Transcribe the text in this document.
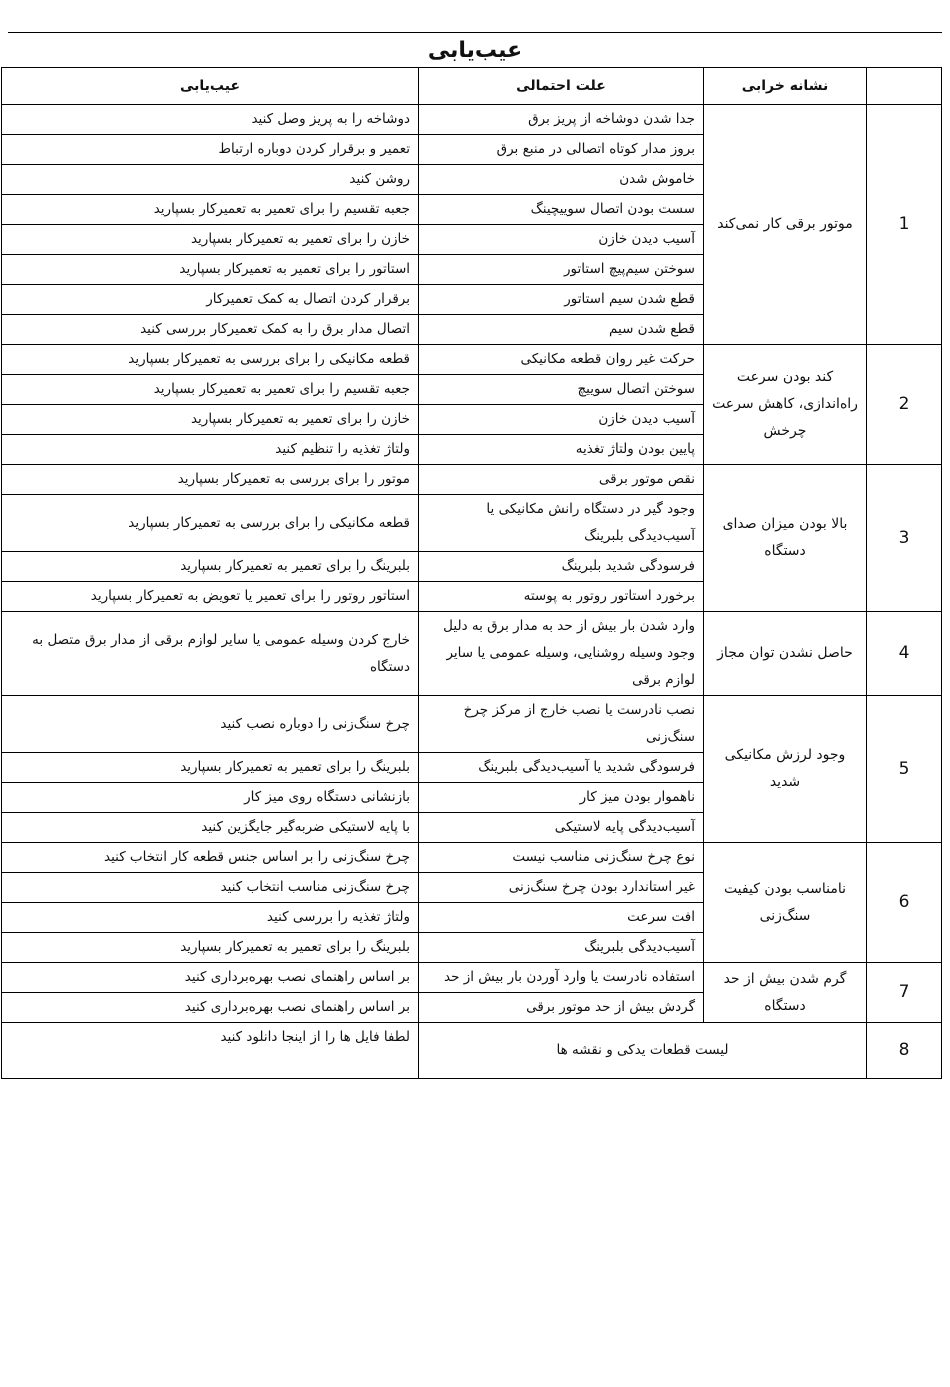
عیب‌یابی
	نشانه خرابی	علت احتمالی	عیب‌یابی
1	موتور برقی کار نمی‌کند	جدا شدن دوشاخه از پریز برق	دوشاخه را به پریز وصل کنید
		بروز مدار کوتاه اتصالی در منبع برق	تعمیر و برقرار کردن دوباره ارتباط
		خاموش شدن	روشن کنید
		سست بودن اتصال سوییچینگ	جعبه تقسیم را برای تعمیر به تعمیرکار بسپارید
		آسیب دیدن خازن	خازن را برای تعمیر به تعمیرکار بسپارید
		سوختن سیم‌پیچ استاتور	استاتور را برای تعمیر به تعمیرکار بسپارید
		قطع شدن سیم استاتور	برقرار کردن اتصال به کمک تعمیرکار
		قطع شدن سیم	اتصال مدار برق را به کمک تعمیرکار بررسی کنید
2	کند بودن سرعت راه‌اندازی، کاهش سرعت چرخش	حرکت غیر روان قطعه مکانیکی	قطعه مکانیکی را برای بررسی به تعمیرکار بسپارید
		سوختن اتصال سوییچ	جعبه تقسیم را برای تعمیر به تعمیرکار بسپارید
		آسیب دیدن خازن	خازن را برای تعمیر به تعمیرکار بسپارید
		پایین بودن ولتاژ تغذیه	ولتاژ تغذیه را تنظیم کنید
3	بالا بودن میزان صدای دستگاه	نقص موتور برقی	موتور را برای بررسی به تعمیرکار بسپارید
		وجود گیر در دستگاه رانش مکانیکی یا آسیب‌دیدگی بلبرینگ	قطعه مکانیکی را برای بررسی به تعمیرکار بسپارید
		فرسودگی شدید بلبرینگ	بلبرینگ را برای تعمیر به تعمیرکار بسپارید
		برخورد استاتور روتور به پوسته	استاتور روتور را برای تعمیر یا تعویض به تعمیرکار بسپارید
4	حاصل نشدن توان مجاز	وارد شدن بار بیش از حد به مدار برق به دلیل وجود وسیله روشنایی، وسیله عمومی یا سایر لوازم برقی	خارج کردن وسیله عمومی یا سایر لوازم برقی از مدار برق متصل به دستگاه
5	وجود لرزش مکانیکی شدید	نصب نادرست یا نصب خارج از مرکز چرخ سنگ‌زنی	چرخ سنگ‌زنی را دوباره نصب کنید
		فرسودگی شدید یا آسیب‌دیدگی بلبرینگ	بلبرینگ را برای تعمیر به تعمیرکار بسپارید
		ناهموار بودن میز کار	بازنشانی دستگاه روی میز کار
		آسیب‌دیدگی پایه لاستیکی	با پایه لاستیکی ضربه‌گیر جایگزین کنید
6	نامناسب بودن کیفیت سنگ‌زنی	نوع چرخ سنگ‌زنی مناسب نیست	چرخ سنگ‌زنی را بر اساس جنس قطعه کار انتخاب کنید
		غیر استاندارد بودن چرخ سنگ‌زنی	چرخ سنگ‌زنی مناسب انتخاب کنید
		افت سرعت	ولتاژ تغذیه را بررسی کنید
		آسیب‌دیدگی بلبرینگ	بلبرینگ را برای تعمیر به تعمیرکار بسپارید
7	گرم شدن بیش از حد دستگاه	استفاده نادرست یا وارد آوردن بار بیش از حد	بر اساس راهنمای نصب بهره‌برداری کنید
		گردش بیش از حد موتور برقی	بر اساس راهنمای نصب بهره‌برداری کنید
8	لیست قطعات یدکی و نقشه ها		لطفا فایل ها را از اینجا دانلود کنید
